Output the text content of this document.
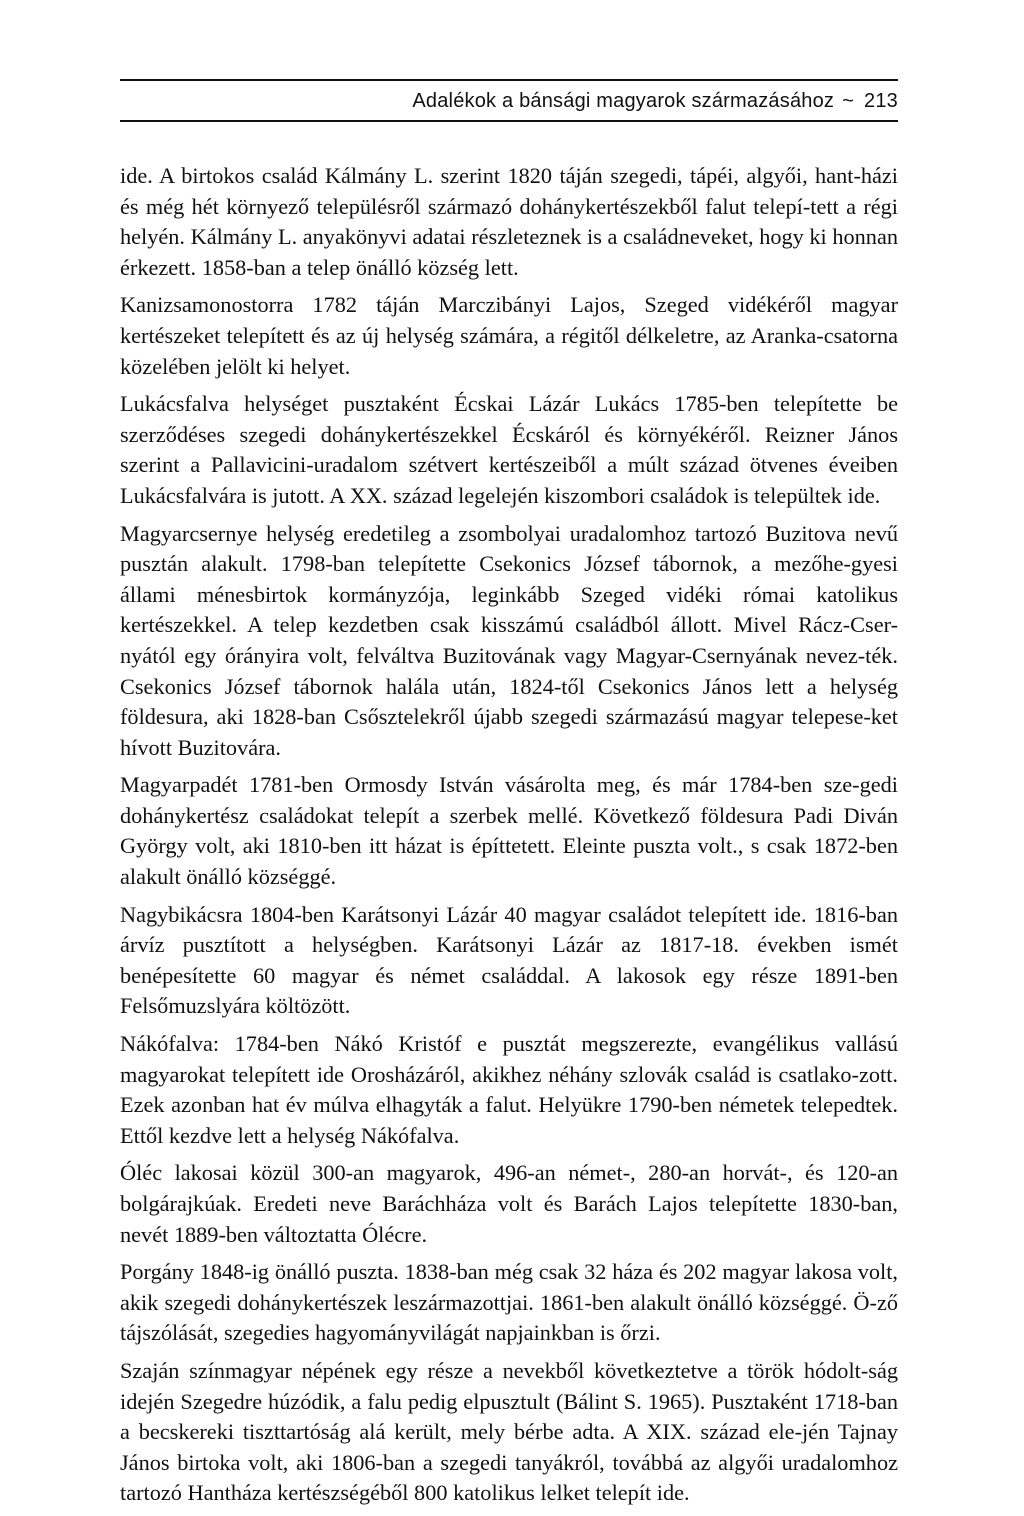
Adalékok a bánsági magyarok származásához ~ 213

ide. A birtokos család Kálmány L. szerint 1820 táján szegedi, tápéi, algyői, hant-házi és még hét környező településről származó dohánykertészekből falut telepí-tett a régi helyén. Kálmány L. anyakönyvi adatai részleteznek is a családneveket, hogy ki honnan érkezett. 1858-ban a telep önálló község lett.

Kanizsamonostorra 1782 táján Marczibányi Lajos, Szeged vidékéről magyar kertészeket telepített és az új helység számára, a régitől délkeletre, az Aranka-csatorna közelében jelölt ki helyet.

Lukácsfalva helységet pusztaként Écskai Lázár Lukács 1785-ben telepítette be szerződéses szegedi dohánykertészekkel Écskáról és környékéről. Reizner János szerint a Pallavicini-uradalom szétvert kertészeiből a múlt század ötvenes éveiben Lukácsfalvára is jutott. A XX. század legelején kiszombori családok is települtek ide.

Magyarcsernye helység eredetileg a zsombolyai uradalomhoz tartozó Buzitova nevű pusztán alakult. 1798-ban telepítette Csekonics József tábornok, a mezőhe-gyesi állami ménesbirtok kormányzója, leginkább Szeged vidéki római katolikus kertészekkel. A telep kezdetben csak kisszámú családból állott. Mivel Rácz-Cser-nyától egy órányira volt, felváltva Buzitovának vagy Magyar-Csernyának nevez-ték. Csekonics József tábornok halála után, 1824-től Csekonics János lett a helység földesura, aki 1828-ban Csősztelekről újabb szegedi származású magyar telepese-ket hívott Buzitovára.

Magyarpadét 1781-ben Ormosdy István vásárolta meg, és már 1784-ben sze-gedi dohánykertész családokat telepít a szerbek mellé. Következő földesura Padi Diván György volt, aki 1810-ben itt házat is építtetett. Eleinte puszta volt., s csak 1872-ben alakult önálló községgé.

Nagybikácsra 1804-ben Karátsonyi Lázár 40 magyar családot telepített ide. 1816-ban árvíz pusztított a helységben. Karátsonyi Lázár az 1817-18. években ismét benépesítette 60 magyar és német családdal. A lakosok egy része 1891-ben Felsőmuzslyára költözött.

Nákófalva: 1784-ben Nákó Kristóf e pusztát megszerezte, evangélikus vallású magyarokat telepített ide Orosházáról, akikhez néhány szlovák család is csatlako-zott. Ezek azonban hat év múlva elhagyták a falut. Helyükre 1790-ben németek telepedtek. Ettől kezdve lett a helység Nákófalva.

Óléc lakosai közül 300-an magyarok, 496-an német-, 280-an horvát-, és 120-an bolgárajkúak. Eredeti neve Baráchháza volt és Barách Lajos telepítette 1830-ban, nevét 1889-ben változtatta Ólécre.

Porgány 1848-ig önálló puszta. 1838-ban még csak 32 háza és 202 magyar lakosa volt, akik szegedi dohánykertészek leszármazottjai. 1861-ben alakult önálló községgé. Ö-ző tájszólását, szegedies hagyományvilágát napjainkban is őrzi.

Szaján színmagyar népének egy része a nevekből következtetve a török hódolt-ság idején Szegedre húzódik, a falu pedig elpusztult (Bálint S. 1965). Pusztaként 1718-ban a becskereki tiszttartóság alá került, mely bérbe adta. A XIX. század ele-jén Tajnay János birtoka volt, aki 1806-ban a szegedi tanyákról, továbbá az algyői uradalomhoz tartozó Hantháza kertészségéből 800 katolikus lelket telepít ide.
